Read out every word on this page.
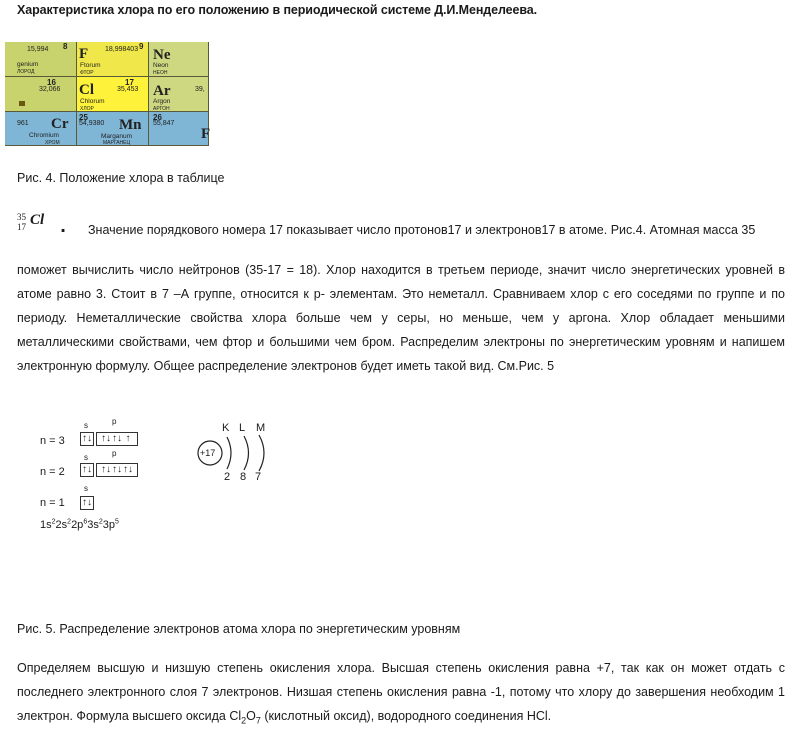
Характеристика хлора по его положению в периодической системе Д.И.Менделеева.
8
15,994
genium
ЛОРОД
9
18,998403
F
Ftorum
ФТОР
Ne
Neon
НЕОН
16
32,066
17
35,453
Cl
Chlorum
ХЛОР
39,
Ar
Argon
АРГОН
961 Cr
Chromium
ХРОМ
25
54,9380 Mn
Marganum
МАРГАНЕЦ
26
55,847
F
Рис. 4. Положение хлора в таблице
35
17 Cl . Значение порядкового номера 17 показывает число протонов17 и электронов17 в атоме. Рис.4. Атомная масса 35

поможет вычислить число нейтронов (35-17 = 18). Хлор находится в третьем периоде, значит число энергетических уровней в атоме равно 3. Стоит в 7 –А группе, относится к р- элементам. Это неметалл. Сравниваем хлор с его соседями по группе и по периоду. Неметаллические свойства хлора больше чем у серы, но меньше, чем у аргона. Хлор обладает меньшими металлическими свойствами, чем фтор и большими чем бром. Распределим электроны по энергетическим уровням и напишем электронную формулу. Общее распределение электронов будет иметь такой вид. См.Рис. 5

n = 3
s	p
↑↓ ↑↓↑↓ ↑
n = 2
s	p
↑↓ ↑↓↑↓↑↓
n = 1
s
↑↓
$1s^22s^22p^63s^23p^5$
K L M
+17
2 8 7
Рис. 5. Распределение электронов атома хлора по энергетическим уровням

Определяем высшую и низшую степень окисления хлора. Высшая степень окисления равна +7, так как он может отдать с последнего электронного слоя 7 электронов. Низшая степень окисления равна -1, потому что хлору до завершения необходим 1 электрон. Формула высшего оксида $Cl_2O_7$ (кислотный оксид), водородного соединения HCl.
